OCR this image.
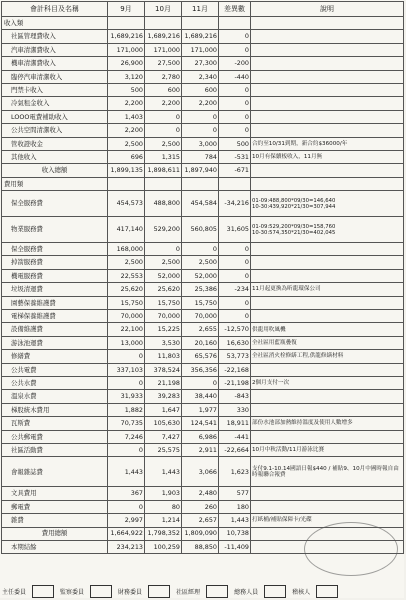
會計科目及名稱	9月	10月	11月	差異數	說明
收入類					
社區管理費收入	1,689,216	1,689,216	1,689,216	0	
汽車清潔費收入	171,000	171,000	171,000	0	
機車清潔費收入	26,900	27,500	27,300	-200	
臨停汽車清潔收入	3,120	2,780	2,340	-440	
門禁卡收入	500	600	600	0	
冷氣租金收入	2,200	2,200	2,200	0	
LOOO電費補助收入	1,403	0	0	0	
公共空間清潔收入	2,200	0	0	0	
管收證收金	2,500	2,500	3,000	500	合約至10/31到期，新合約$36000/年
其他收入	696	1,315	784	-531	10月有保續板收入，11月無
收入總額	1,899,135	1,898,611	1,897,940	-671	
費用類					
保全服務費	454,573	488,800	454,584	-34,216	01-09:488,800*09/30=146,640
10-30:439,920*21/30=307,944
物業服務費	417,140	529,200	560,805	31,605	01-09:529,200*09/30=158,760
10-30:574,350*21/30=402,045
保全服務費	168,000	0	0	0	
掉箭服務費	2,500	2,500	2,500	0	
機電服務費	22,553	52,000	52,000	0	
垃圾清運費	25,620	25,620	25,386	-234	11月起更換為昕龍環保公司
園藝保養維護費	15,750	15,750	15,750	0	
電梯保養維護費	70,000	70,000	70,000	0	
設備維護費	22,100	15,225	2,655	-12,570	供龍用吹風機
游泳池運費	13,000	3,530	20,160	16,630	全社區用藍瓶疊復
修繕費	0	11,803	65,576	53,773	全社區消火栓修繕工程,供龍修繕材料
公共電費	337,103	378,524	356,356	-22,168	
公共水費	0	21,198	0	-21,198	2個月支付一次
溫泉水費	31,933	39,283	38,440	-843	
梯股統木費用	1,882	1,647	1,977	330	
瓦斯費	70,735	105,630	124,541	18,911	部份水池部加熱維持溫度及使用人數增多
公共郵電費	7,246	7,427	6,986	-441	
社區活動費	0	25,575	2,911	-22,664	10月中秋活動/11月游泳比賽
會報雜誌費	1,443	1,443	3,066	1,623	支付9.1-10.14國語日報$440 / 補貼9、10月中國時報自由時報聯合報費
文具費用	367	1,903	2,480	577	
郵電費	0	80	260	180	
雜費	2,997	1,214	2,657	1,443	打紙桶/補貼保障卡/光碟
費用總額	1,664,922	1,798,352	1,809,090	10,738	
本期結餘	234,213	100,259	88,850	-11,409	
主任委員	監察委員	財務委員	社區經理	總務人員	稽核人
